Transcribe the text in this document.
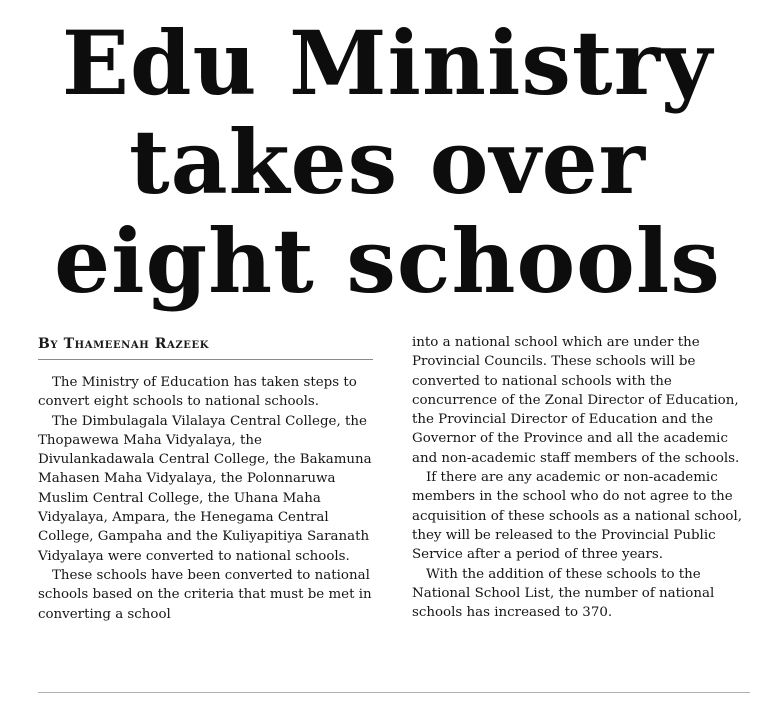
Edu Ministry
takes over
eight schools
By Thameenah Razeek

The Ministry of Education has taken steps to convert eight schools to national schools.

The Dimbulagala Vilalaya Central College, the Thopawewa Maha Vidyalaya, the Divulankadawala Central College, the Bakamuna Mahasen Maha Vidyalaya, the Polonnaruwa Muslim Central College, the Uhana Maha Vidyalaya, Ampara, the Henegama Central College, Gampaha and the Kuliyapitiya Saranath Vidyalaya were converted to national schools.

These schools have been converted to national schools based on the criteria that must be met in converting a school

into a national school which are under the Provincial Councils. These schools will be converted to national schools with the concurrence of the Zonal Director of Education, the Provincial Director of Education and the Governor of the Province and all the academic and non-academic staff members of the schools.

If there are any academic or non-academic members in the school who do not agree to the acquisition of these schools as a national school, they will be released to the Provincial Public Service after a period of three years.

With the addition of these schools to the National School List, the number of national schools has increased to 370.
